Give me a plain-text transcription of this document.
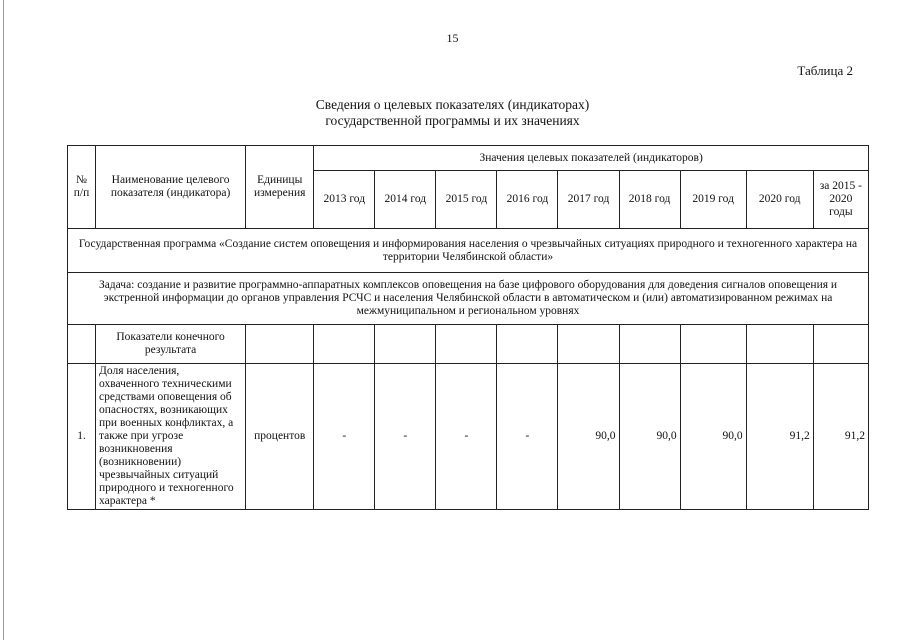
15
Таблица 2
Сведения о целевых показателях (индикаторах)
государственной программы и их значениях
№
п/п	Наименование целевого показателя (индикатора)	Единицы измерения	Значения целевых показателей (индикаторов)								
			2013 год	2014 год	2015 год	2016 год	2017 год	2018 год	2019 год	2020 год	за 2015 - 2020 годы
Государственная программа «Создание систем оповещения и информирования населения о чрезвычайных ситуациях природного и техногенного характера на территории Челябинской области»											
Задача: создание и развитие программно-аппаратных комплексов оповещения на базе цифрового оборудования для доведения сигналов оповещения и экстренной информации до органов управления РСЧС и населения Челябинской области в автоматическом и (или) автоматизированном режимах на межмуниципальном и региональном уровнях											
	Показатели конечного результата										
1.	Доля населения, охваченного техническими средствами оповещения об опасностях, возникающих при военных конфликтах, а также при угрозе возникновения (возникновении) чрезвычайных ситуаций природного и техногенного характера *	процентов	-	-	-	-	90,0	90,0	90,0	91,2	91,2
